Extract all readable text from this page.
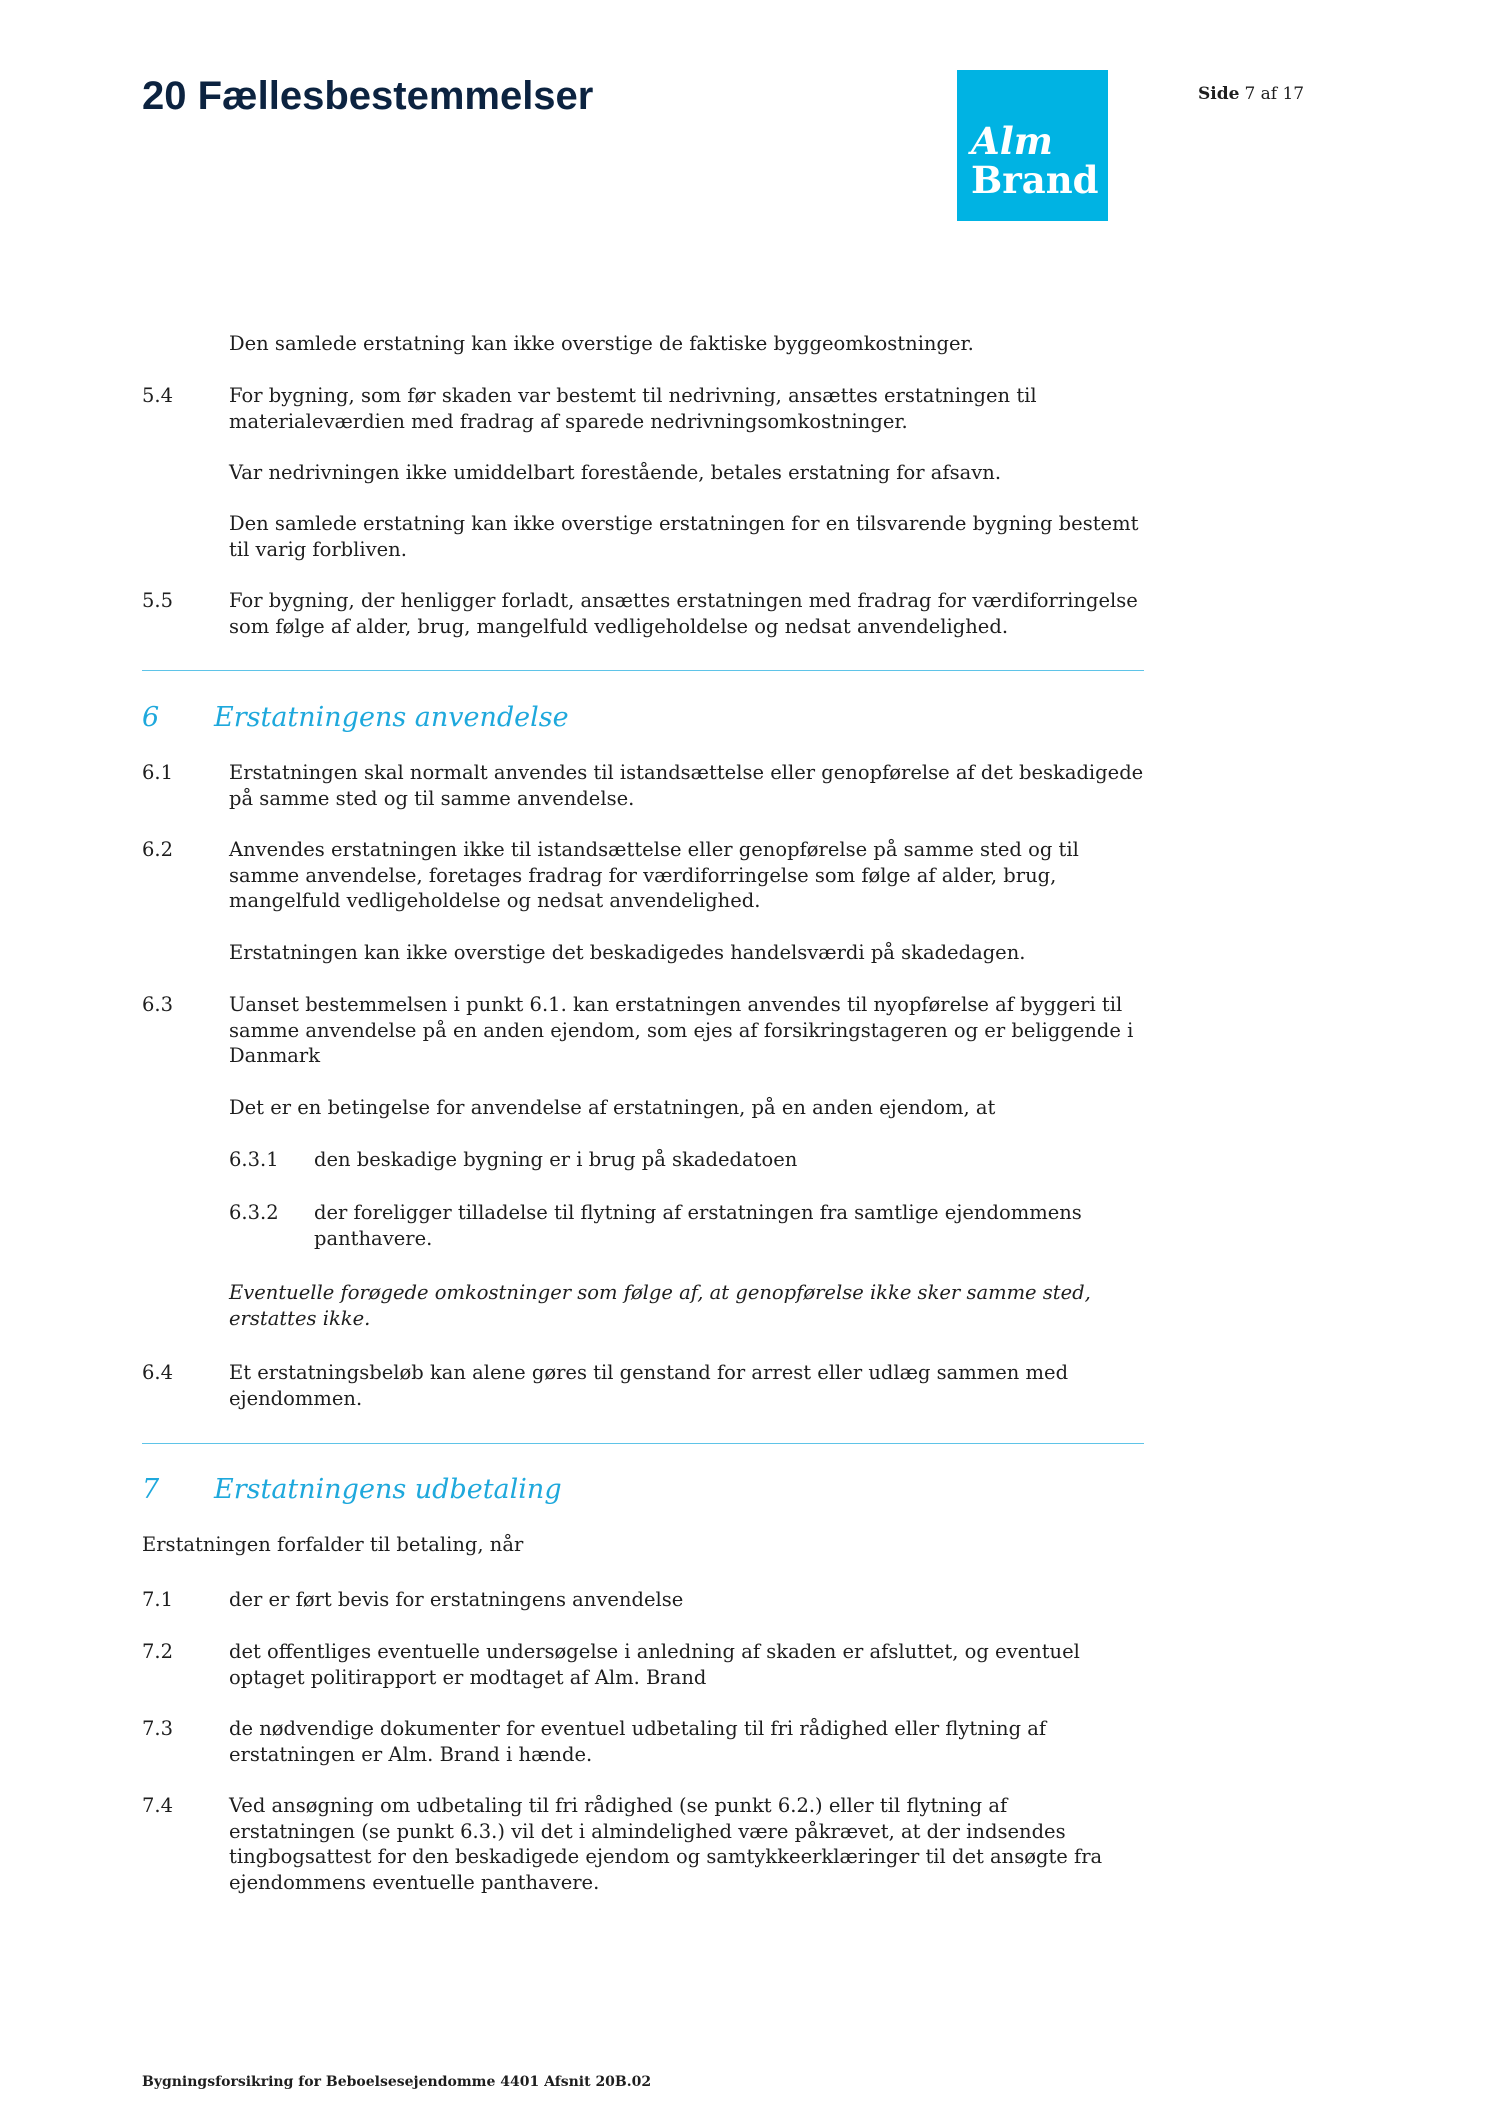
20 Fællesbestemmelser
Alm
Brand
Side 7 af 17
Den samlede erstatning kan ikke overstige de faktiske byggeomkostninger.
5.4	For bygning, som før skaden var bestemt til nedrivning, ansættes erstatningen til
materialeværdien med fradrag af sparede nedrivningsomkostninger.
Var nedrivningen ikke umiddelbart forestående, betales erstatning for afsavn.
Den samlede erstatning kan ikke overstige erstatningen for en tilsvarende bygning bestemt
til varig forbliven.
5.5	For bygning, der henligger forladt, ansættes erstatningen med fradrag for værdiforringelse
som følge af alder, brug, mangelfuld vedligeholdelse og nedsat anvendelighed.
6 Erstatningens anvendelse
6.1	Erstatningen skal normalt anvendes til istandsættelse eller genopførelse af det beskadigede
på samme sted og til samme anvendelse.
6.2	Anvendes erstatningen ikke til istandsættelse eller genopførelse på samme sted og til
samme anvendelse, foretages fradrag for værdiforringelse som følge af alder, brug,
mangelfuld vedligeholdelse og nedsat anvendelighed.
Erstatningen kan ikke overstige det beskadigedes handelsværdi på skadedagen.
6.3	Uanset bestemmelsen i punkt 6.1. kan erstatningen anvendes til nyopførelse af byggeri til
samme anvendelse på en anden ejendom, som ejes af forsikringstageren og er beliggende i
Danmark
Det er en betingelse for anvendelse af erstatningen, på en anden ejendom, at
6.3.1 den beskadige bygning er i brug på skadedatoen
6.3.2 der foreligger tilladelse til flytning af erstatningen fra samtlige ejendommens
panthavere.
Eventuelle forøgede omkostninger som følge af, at genopførelse ikke sker samme sted,
erstattes ikke.
6.4	Et erstatningsbeløb kan alene gøres til genstand for arrest eller udlæg sammen med
ejendommen.
7 Erstatningens udbetaling
Erstatningen forfalder til betaling, når
7.1	der er ført bevis for erstatningens anvendelse
7.2	det offentliges eventuelle undersøgelse i anledning af skaden er afsluttet, og eventuel
optaget politirapport er modtaget af Alm. Brand
7.3	de nødvendige dokumenter for eventuel udbetaling til fri rådighed eller flytning af
erstatningen er Alm. Brand i hænde.
7.4	Ved ansøgning om udbetaling til fri rådighed (se punkt 6.2.) eller til flytning af
erstatningen (se punkt 6.3.) vil det i almindelighed være påkrævet, at der indsendes
tingbogsattest for den beskadigede ejendom og samtykkeerklæringer til det ansøgte fra
ejendommens eventuelle panthavere.
Bygningsforsikring for Beboelsesejendomme 4401 Afsnit 20B.02
